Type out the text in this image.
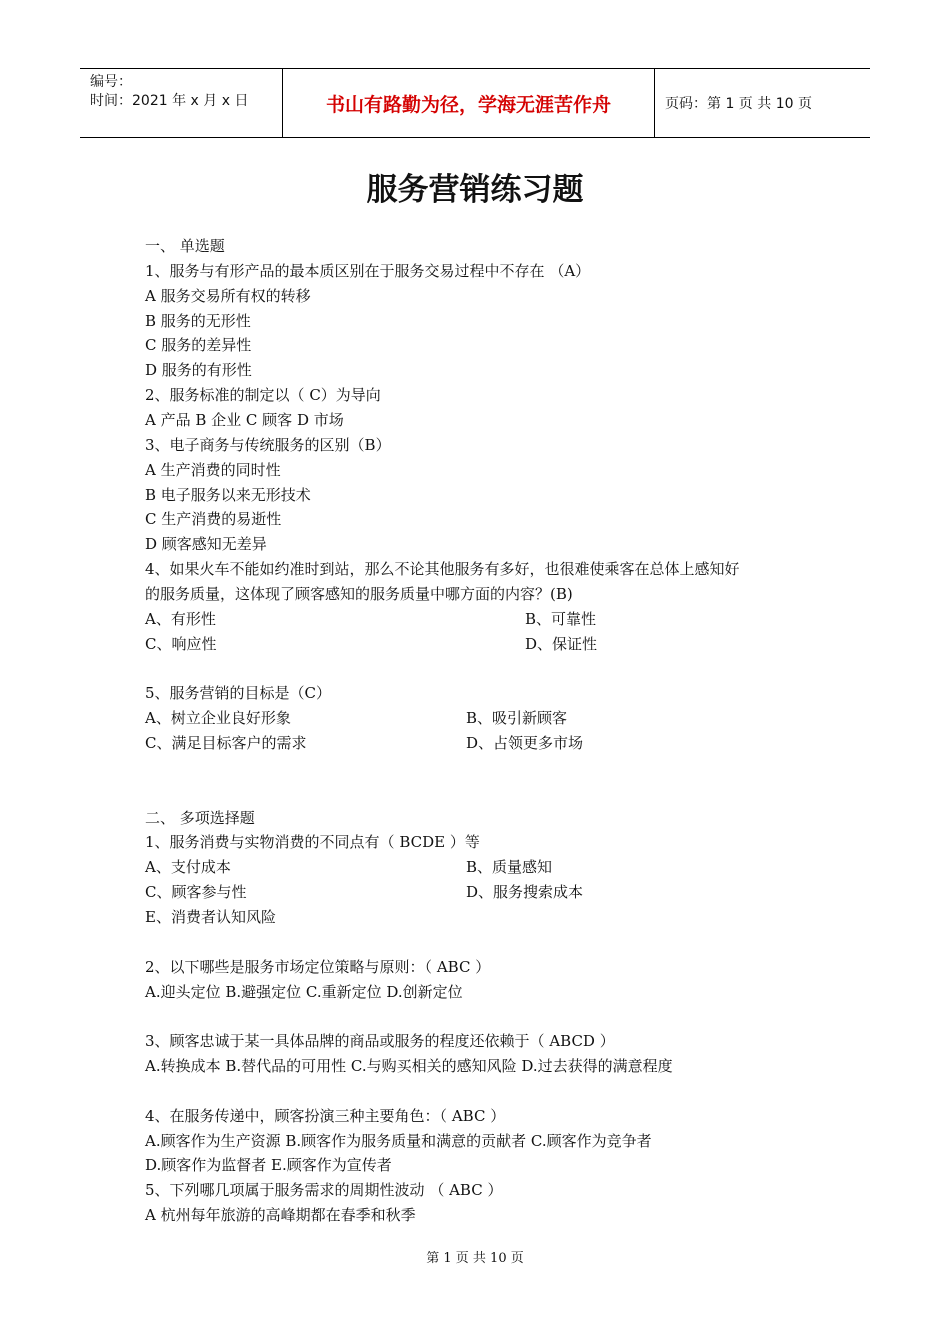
编号：
时间：2021 年 x 月 x 日	书山有路勤为径，学海无涯苦作舟	页码：第 1 页 共 10 页
服务营销练习题
一、 单选题
1、服务与有形产品的最本质区别在于服务交易过程中不存在 （A）
A 服务交易所有权的转移
B 服务的无形性
C 服务的差异性
D 服务的有形性
2、服务标准的制定以（ C）为导向
A 产品 B 企业 C 顾客 D 市场
3、电子商务与传统服务的区别（B）
A 生产消费的同时性
B 电子服务以来无形技术
C 生产消费的易逝性
D 顾客感知无差异
4、如果火车不能如约准时到站，那么不论其他服务有多好，也很难使乘客在总体上感知好
的服务质量，这体现了顾客感知的服务质量中哪方面的内容？(B)
A、有形性	B、可靠性
C、响应性	D、保证性
5、服务营销的目标是（C）
A、树立企业良好形象	B、吸引新顾客
C、满足目标客户的需求	D、占领更多市场
二、 多项选择题
1、服务消费与实物消费的不同点有（ BCDE ）等
A、支付成本	B、质量感知
C、顾客参与性	D、服务搜索成本
E、消费者认知风险
2、以下哪些是服务市场定位策略与原则：（ ABC ）
A.迎头定位 B.避强定位 C.重新定位 D.创新定位
3、顾客忠诚于某一具体品牌的商品或服务的程度还依赖于（ ABCD ）
A.转换成本 B.替代品的可用性 C.与购买相关的感知风险 D.过去获得的满意程度
4、在服务传递中，顾客扮演三种主要角色：（ ABC ）
A.顾客作为生产资源 B.顾客作为服务质量和满意的贡献者 C.顾客作为竞争者
D.顾客作为监督者 E.顾客作为宣传者
5、下列哪几项属于服务需求的周期性波动 （ ABC ）
A 杭州每年旅游的高峰期都在春季和秋季
第 1 页 共 10 页
